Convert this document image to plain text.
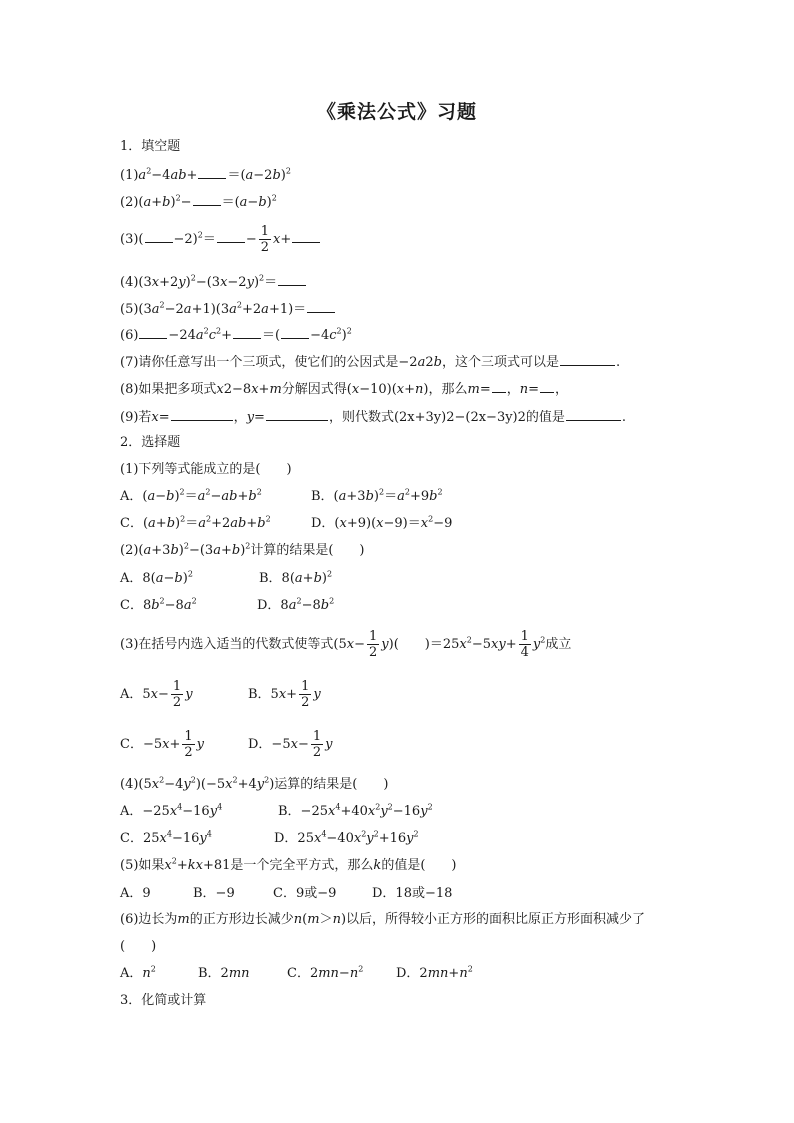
《乘法公式》习题
1．填空题
$(1)a^2-4ab+ =(a-2b)^2$
$(2)(a+b)^2- =(a-b)^2$
$(3)( -2)^2= - \frac{1}{2} x+$
$(4)(3x+2y)^2-(3x-2y)^2=$
$(5)(3a^2-2a+1)(3a^2+2a+1)=$
$(6) -24a^2c^2+$ ＝( $-4c^2)^2$
(7)请你任意写出一个三项式，使它们的公因式是−2a2b，这个三项式可以是	.
(8)如果把多项式x2−8x+m分解因式得(x−10)(x+n)，那么m= ，n= ，
(9)若x=	，y=	，则代数式(2x+3y)2−(2x−3y)2的值是	.
2．选择题
(1)下列等式能成立的是(　　)
A．$(a-b)^2=a^2-ab+b^2$	B．$(a+3b)^2=a^2+9b^2$
C．$(a+b)^2=a^2+2ab+b^2$	D．$(x+9)(x-9)=x^2-9$
$(2)(a+3b)^2-(3a+b)^2$计算的结果是(　　)
A．$8(a-b)^2$	B．$8(a+b)^2$
C．$8b^2-8a^2$	D．$8a^2-8b^2$
(3)在括号内选入适当的代数式使等式$(5x- \frac{1}{2} y)$(　　)$=25x^2-5xy+ \frac{1}{4} y^2$成立
A．$5x- \frac{1}{2}$ y	B．$5x+ \frac{1}{2}$ y
C．$-5x+ \frac{1}{2}$ y	D．$-5x- \frac{1}{2}$ y
$(4)(5x^2-4y^2)(-5x^2+4y^2)$运算的结果是(　　)
A．$-25x^4-16y^4$	B．$-25x^4+40x^2y^2-16y^2$
C．$25x^4-16y^4$	D．$25x^4-40x^2y^2+16y^2$
(5)如果$x^2+kx+81$是一个完全平方式，那么k的值是(　　)
A．9	B．−9	C．9或−9	D．18或−18
(6)边长为m的正方形边长减少n(m＞n)以后，所得较小正方形的面积比原正方形面积减少了
(　　)
A．$n^2$	B．2mn	C．$2mn-n^2$	D．$2mn+n^2$
3．化简或计算
